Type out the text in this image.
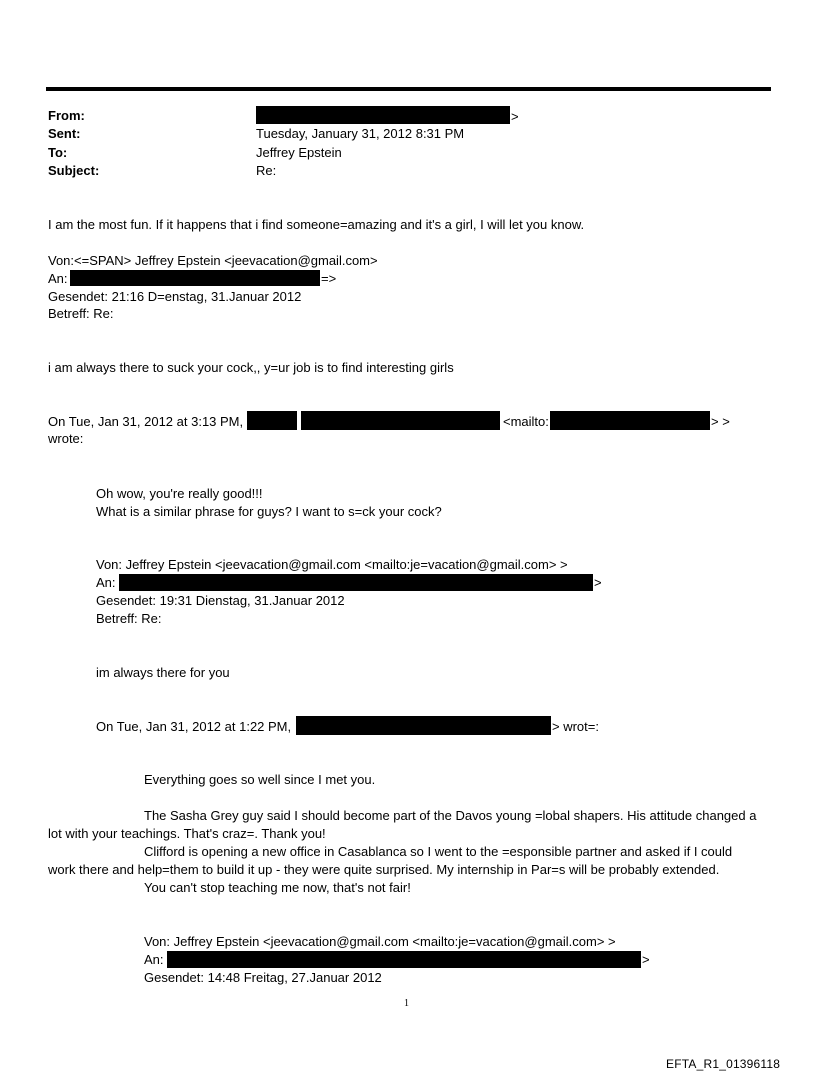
From:	>
Sent:	Tuesday, January 31, 2012 8:31 PM
To:	Jeffrey Epstein
Subject:	Re:
I am the most fun. If it happens that i find someone=amazing and it's a girl, I will let you know.
Von:<=SPAN> Jeffrey Epstein <jeevacation@gmail.com>
An:	=>
Gesendet: 21:16 D=enstag, 31.Januar 2012
Betreff: Re:
i am always there to suck your cock,, y=ur job is to find interesting girls
On Tue, Jan 31, 2012 at 3:13 PM,	<mailto:	> >
wrote:
Oh wow, you're really good!!!
What is a similar phrase for guys? I want to s=ck your cock?
Von: Jeffrey Epstein <jeevacation@gmail.com <mailto:je=vacation@gmail.com> >
An:	>
Gesendet: 19:31 Dienstag, 31.Januar 2012
Betreff: Re:
im always there for you
On Tue, Jan 31, 2012 at 1:22 PM,	> wrot=:
Everything goes so well since I met you.
The Sasha Grey guy said I should become part of the Davos young =lobal shapers. His attitude changed a
lot with your teachings. That's craz=. Thank you!
Clifford is opening a new office in Casablanca so I went to the =esponsible partner and asked if I could
work there and help=them to build it up - they were quite surprised. My internship in Par=s will be probably extended.
You can't stop teaching me now, that's not fair!
Von: Jeffrey Epstein <jeevacation@gmail.com <mailto:je=vacation@gmail.com> >
An:	>
Gesendet: 14:48 Freitag, 27.Januar 2012
1
EFTA_R1_01396118
